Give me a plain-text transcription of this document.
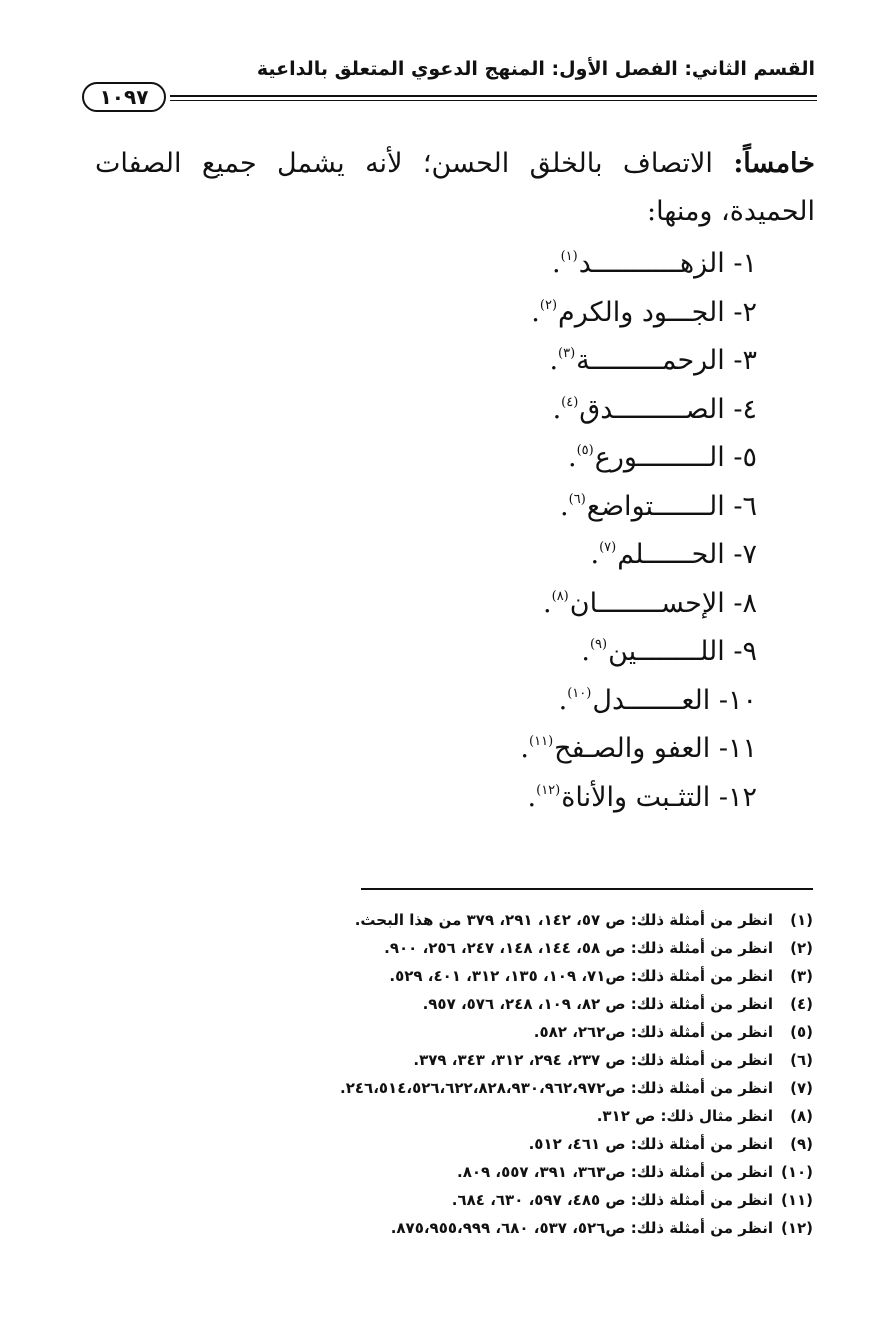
القسم الثاني: الفصل الأول: المنهج الدعوي المتعلق بالداعية
١٠٩٧

خامساً: الاتصاف بالخلق الحسن؛ لأنه يشمل جميع الصفات الحميدة، ومنها:

١- الزهـــــــــــد$^{(١)}$.
٢- الجـــود والكرم$^{(٢)}$.
٣- الرحمـــــــــة$^{(٣)}$.
٤- الصـــــــــدق$^{(٤)}$.
٥- الـــــــــورع$^{(٥)}$.
٦- الـــــــتواضع$^{(٦)}$.
٧- الحــــــلم$^{(٧)}$.
٨- الإحســــــــان$^{(٨)}$.
٩- اللــــــــين$^{(٩)}$.
١٠- العـــــــدل$^{(١٠)}$.
١١- العفو والصـفح$^{(١١)}$.
١٢- التثـبت والأناة$^{(١٢)}$.
(١)انظر من أمثلة ذلك: ص ٥٧، ١٤٢، ٢٩١، ٣٧٩ من هذا البحث.
(٢)انظر من أمثلة ذلك: ص ٥٨، ١٤٤، ١٤٨، ٢٤٧، ٢٥٦، ٩٠٠.
(٣)انظر من أمثلة ذلك: ص٧١، ١٠٩، ١٣٥، ٣١٢، ٤٠١، ٥٢٩.
(٤)انظر من أمثلة ذلك: ص ٨٢، ١٠٩، ٢٤٨، ٥٧٦، ٩٥٧.
(٥)انظر من أمثلة ذلك: ص٢٦٢، ٥٨٢.
(٦)انظر من أمثلة ذلك: ص ٢٣٧، ٢٩٤، ٣١٢، ٣٤٣، ٣٧٩.
(٧)انظر من أمثلة ذلك: ص٢٤٦،٥١٤،٥٢٦،٦٢٢،٨٢٨،٩٣٠،٩٦٢،٩٧٢.
(٨)انظر مثال ذلك: ص ٣١٢.
(٩)انظر من أمثلة ذلك: ص ٤٦١، ٥١٢.
(١٠)انظر من أمثلة ذلك: ص٣٦٣، ٣٩١، ٥٥٧، ٨٠٩.
(١١)انظر من أمثلة ذلك: ص ٤٨٥، ٥٩٧، ٦٣٠، ٦٨٤.
(١٢)انظر من أمثلة ذلك: ص٥٢٦، ٥٣٧، ٦٨٠، ٨٧٥،٩٥٥،٩٩٩.
